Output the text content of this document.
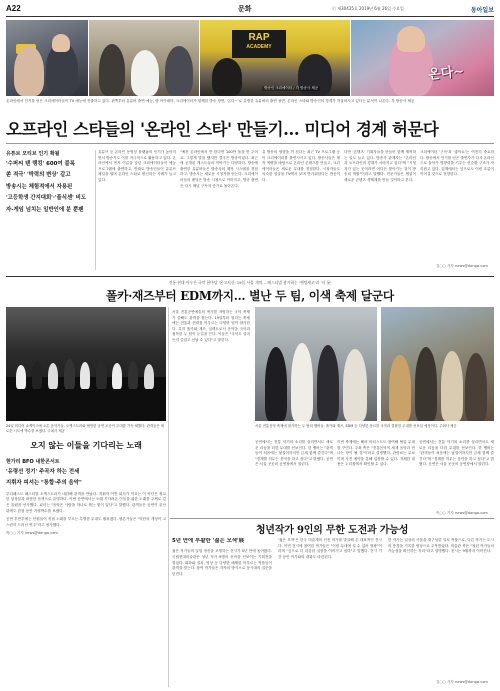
A22	문화	ⓒ 제30435호 2019년 6월 26일 수요일	동아일보
RAP
ACADEMY
방송인 크리에이터 / 각 방송사 제공
온다~
온라인에서 인기를 얻은 크리에이터들이 TV 예능에 진출하고 있다. 왼쪽부터 유튜버 출연 예능, 랩 아카데미, 크리에이터가 함께한 방송 장면, '온다~'로 유명한 유튜버의 출연 장면. 온라인 스타와 방송인의 경계가 허물어지고 있다는 분석이 나온다. 각 방송사 제공
오프라인 스타들의 '온라인 스타' 만들기… 미디어 경계 허문다
유튜브 모티브 인기 확될
'수퍼씨 텐 랭킹' 600여 블록
쏟 적극' '박력의 변상' 같고
방송시는 체험적에서 자용된
'고등학생 간지대회'·'플식센' 비도
자-게임 넘치는 일반인에 분 뿐팬
유튜브 등 온라인 동영상 플랫폼의 인기가 높아지면서 방송가도 이를 적극적으로 활용하고 있다. 온라인에서 먼저 이름을 알린 크리에이터들이 예능 프로그램에 출연하고, 반대로 방송인들이 유튜브 채널을 열며 온라인 스타로 변신하는 사례가 늘고 있다.
"예전 온라인에서 만 한다면 100만 돌을 만 주어요. 그렇게 말을 했지만 결국은 방송이었다. 최근에 공개된 게스트들의 이야기는 다양하다. 방송에 출연한 유튜버들은 방송사의 제작 시스템을 경험하고, 방송사는 새로운 시청자를 얻는다. 크리에이터들의 팬덤은 방송 시청으로 이어지고, 방송 출연은 다시 채널 구독자 증가로 돌아온다.
유 방송의 영향을 끼 친다는 최근 TV 프로그램 등이 크리에이터를 출연시키고 있다. 방송사들은 제작 역량을 바탕으로 온라인 콘텐츠를 만들고, 크리에이터들은 새로운 무대를 경험한다. 시청자들도 익숙한 얼굴을 TV에서 보며 반가워한다는 반응이다.
다만 '콘텐츠' 기획자들을 만들어 함께 제작하는 일도 늘고 있다. 방송사 관계자는 "온라인과 오프라인의 경계가 사라지고 있다"며 "시청자가 있는 곳이라면 어디든 찾아가는 것이 방송의 역할"이라고 말했다. 전문가들은 협업이 새로운 콘텐츠 생태계를 만들 것이라고 본다.
크리에이터 '구독'과 '좋아요'는 여전히 중요하다. 방송에서 인기를 얻은 출연자가 다시 온라인으로 돌아가 영향력을 키우는 선순환 구조가 자리잡고 있다. 업계에서는 앞으로도 이런 흐름이 이어질 것으로 전망한다.
김○○ 기자 news@donga.com
전통·현대 아우른 국악 한마당 '온고지신' 19일 서울 개막… 페스티벌 참가하는 '랜텀새코'과 '더 튠'
폴카·재즈부터 EDM까지… 별난 두 팀, 이색 축제 달군다
24일 미디어 쇼케이스에 오른 음악가들. 오케스트라와 협연한 공연 모습이 무대를 가득 채웠다. 관객들은 새로운 시도에 박수를 보냈다. 주최사 제공
서울 전통공연예술의 역사를 자랑하는 국악 축제가 올해도 관객을 찾는다. 19일부터 열리는 축제에는 전통과 현대를 아우르는 다양한 팀이 참가한다. 특히 폴카와 재즈, 일렉트로닉 음악을 국악과 접목한 두 팀이 눈길을 끈다. 이들은 "국악도 얼마든지 즐겁고 신날 수 있다"고 말한다.
서울 전통음악 축제에 참가하는 두 팀의 멤버들. 폴카와 재즈, EDM 등 다양한 장르를 국악과 결합한 무대를 선보일 예정이다. 주최사 제공
공연에서는 전통 악기의 소리를 살리면서도 새로운 리듬을 더한 무대를 선보인다. 한 멤버는 "관객들이 처음에는 낯설어하지만 금세 함께 즐긴다"며 "경계를 허무는 음악을 하고 싶다"고 밝혔다. 공연은 서울 곳곳의 공연장에서 열린다.
이번 축제에는 해외 아티스트도 참여해 협업 무대를 꾸민다. 주최 측은 "전통음악이 세계 음악과 만나는 장이 될 것"이라고 설명했다. 관람료는 무료이며 사전 예약을 통해 입장할 수 있다. 자세한 내용은 누리집에서 확인할 수 있다.
공연에서는 전통 악기의 소리를 살리면서도 새로운 리듬을 더한 무대를 선보인다. 한 멤버는 "관객들이 처음에는 낯설어하지만 금세 함께 즐긴다"며 "경계를 허무는 음악을 하고 싶다"고 밝혔다. 공연은 서울 곳곳의 공연장에서 열린다.
이○○ 기자 news@donga.com
오지 않는 이들을 기다리는 노래
현가리 BFO 내한콘서트
'유령선 정기' 주곡자 하는 전세
지휘자 피셔는 "통합·주의 음악"
부다페스트 페스티벌 오케스트라가 내한해 관객을 만났다. 지휘자 이반 피셔가 이끄는 이 악단은 정교한 앙상블과 따뜻한 음색으로 유명하다. 이번 공연에서는 오래 기다려온 이들을 위한 노래를 주제로 깊은 울림을 선사했다. 피셔는 "음악은 사람을 하나로 묶는 힘이 있다"고 말했다. 관객들은 공연이 끝난 뒤에도 한참 동안 기립박수를 보냈다.
공연 후반부에는 단원들이 직접 노래를 부르는 특별한 무대도 펼쳐졌다. 평론가들은 "악단의 개성이 고스란히 드러난 연주"라고 평가했다.
박○○ 기자 news@donga.com	청년작가 9인의 무한 도전과 가능성
5년 만에 부활한 '젊은 모색'展
젊은 작가들의 실험 정신을 조명하는 전시가 5년 만에 돌아왔다. 국립현대미술관은 청년 작가 9명의 신작을 선보이는 기획전을 열었다. 회화와 설치, 영상 등 다양한 매체를 아우르는 작품들이 관객을 맞는다. 참여 작가들은 각자의 방식으로 동시대의 질문을 던진다.
'젊은 모색'은 한국 미술계의 신진 작가를 발굴해 온 대표적인 전시다. 이번 전시에 참여한 작가들은 "이런 무대에 설 수 있어 영광"이라며 "앞으로 더 과감한 실험을 이어가고 싶다"고 말했다. 전시 기간 동안 작가와의 대화도 마련된다.
한 작가는 일상의 사물을 재구성한 설치 작품으로, 다른 작가는 도시의 풍경을 기록한 영상으로 주목받았다. 미술관 측은 "청년 작가들의 가능성을 확인하는 자리"라고 설명했다. 전시는 9월까지 이어진다.
김○○ 기자 news@donga.com
